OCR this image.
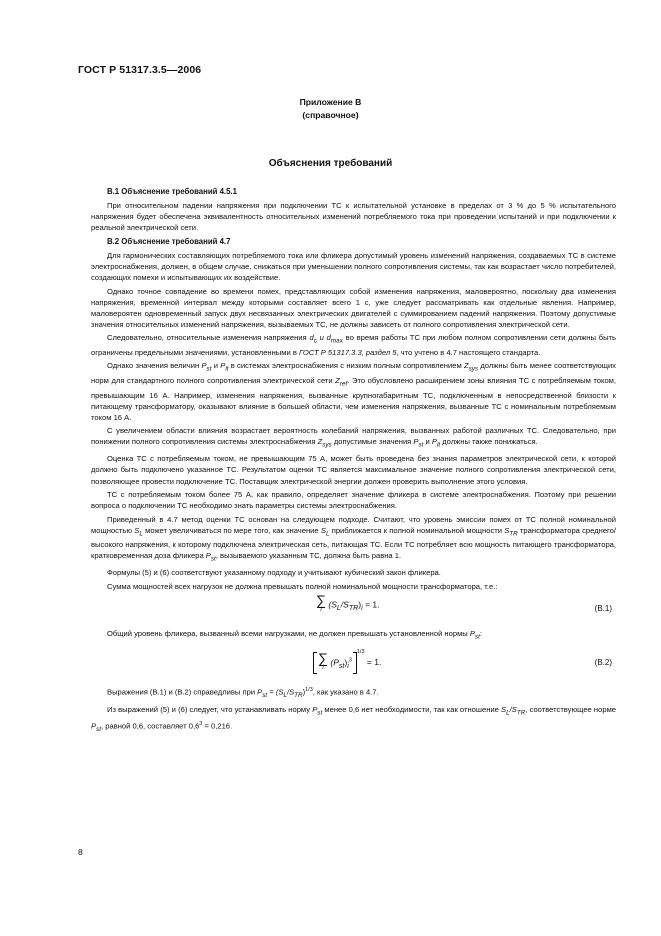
ГОСТ Р 51317.3.5—2006
Приложение В
(справочное)
Объяснения требований
В.1 Объяснение требований 4.5.1

При относительном падении напряжения при подключении ТС к испытательной установке в пределах от 3 % до 5 % испытательного напряжения будет обеспечена эквивалентность относительных изменений потребляемого тока при проведении испытаний и при подключении к реальной электрической сети.

В.2 Объяснение требований 4.7

Для гармонических составляющих потребляемого тока или фликера допустимый уровень изменений напряжения, создаваемых ТС в системе электроснабжения, должен, в общем случае, снижаться при уменьшении полного сопротивления системы, так как возрастает число потребителей, создающих помехи и испытывающих их воздействие.

Однако точное совпадение во времени помех, представляющих собой изменения напряжения, маловероятно, поскольку два изменения напряжения, временной интервал между которыми составляет всего 1 с, уже следует рассматривать как отдельные явления. Например, маловероятен одновременный запуск двух несвязанных электрических двигателей с суммированием падений напряжения. Поэтому допустимые значения относительных изменений напряжения, вызываемых ТС, не должны зависеть от полного сопротивления электрической сети.

Следовательно, относительные изменения напряжения $d_c$ и $d_{max}$ во время работы ТС при любом полном сопротивлении сети должны быть ограничены предельными значениями, установленными в ГОСТ Р 51317.3.3, раздел 5, что учтено в 4.7 настоящего стандарта.

Однако значения величин $P_{st}$ и $P_{lt}$ в системах электроснабжения с низким полным сопротивлением $Z_{sys}$ должны быть менее соответствующих норм для стандартного полного сопротивления электрической сети $Z_{ref}$. Это обусловлено расширением зоны влияния ТС с потребляемым током, превышающим 16 А. Например, изменения напряжения, вызванные крупногабаритным ТС, подключенным в непосредственной близости к питающему трансформатору, оказывают влияние в большей области, чем изменения напряжения, вызванные ТС с номинальным потребляемым током 16 А.

С увеличением области влияния возрастает вероятность колебаний напряжения, вызванных работой различных ТС. Следовательно, при понижении полного сопротивления системы электроснабжения $Z_{sys}$ допустимые значения $P_{st}$ и $P_{lt}$ должны также понижаться.

Оценка ТС с потребляемым током, не превышающим 75 А, может быть проведена без знания параметров электрической сети, к которой должно быть подключено указанное ТС. Результатом оценки ТС является максимальное значение полного сопротивления электрической сети, позволяющее провести подключение ТС. Поставщик электрической энергии должен проверить выполнение этого условия.

ТС с потребляемым током более 75 А, как правило, определяет значение фликера в системе электроснабжения. Поэтому при решении вопроса о подключении ТС необходимо знать параметры системы электроснабжения.

Приведенный в 4.7 метод оценки ТС основан на следующем подходе. Считают, что уровень эмиссии помех от ТС полной номинальной мощностью $S_L$ может увеличиваться по мере того, как значение $S_L$ приближается к полной номинальной мощности $S_{TR}$ трансформатора среднего/высокого напряжения, к которому подключена электрическая сеть, питающая ТС. Если ТС потребляет всю мощность питающего трансформатора, кратковременная доза фликера $P_{st}$, вызываемого указанным ТС, должна быть равна 1.

Формулы (5) и (6) соответствуют указанному подходу и учитывают кубический закон фликера.

Сумма мощностей всех нагрузок не должна превышать полной номинальной мощности трансформатора, т.е.:

∑
i
$(S_L/S_{TR})_i = 1$.	(В.1)

Общий уровень фликера, вызванный всеми нагрузками, не должен превышать установленной нормы $P_{st}$:

∑
i
$(P_{st})_i^{31/3} = 1$.	(В.2)

Выражения (В.1) и (В.2) справедливы при $P_{st} = (S_L/S_{TR})^{1/3}$, как указано в 4.7.

Из выражений (5) и (6) следует, что устанавливать норму $P_{st}$ менее 0,6 нет необходимости, так как отношение $S_L/S_{TR}$, соответствующее норме $P_{st}$, равной 0,6, составляет $0,6^3 = 0,216$.

8
